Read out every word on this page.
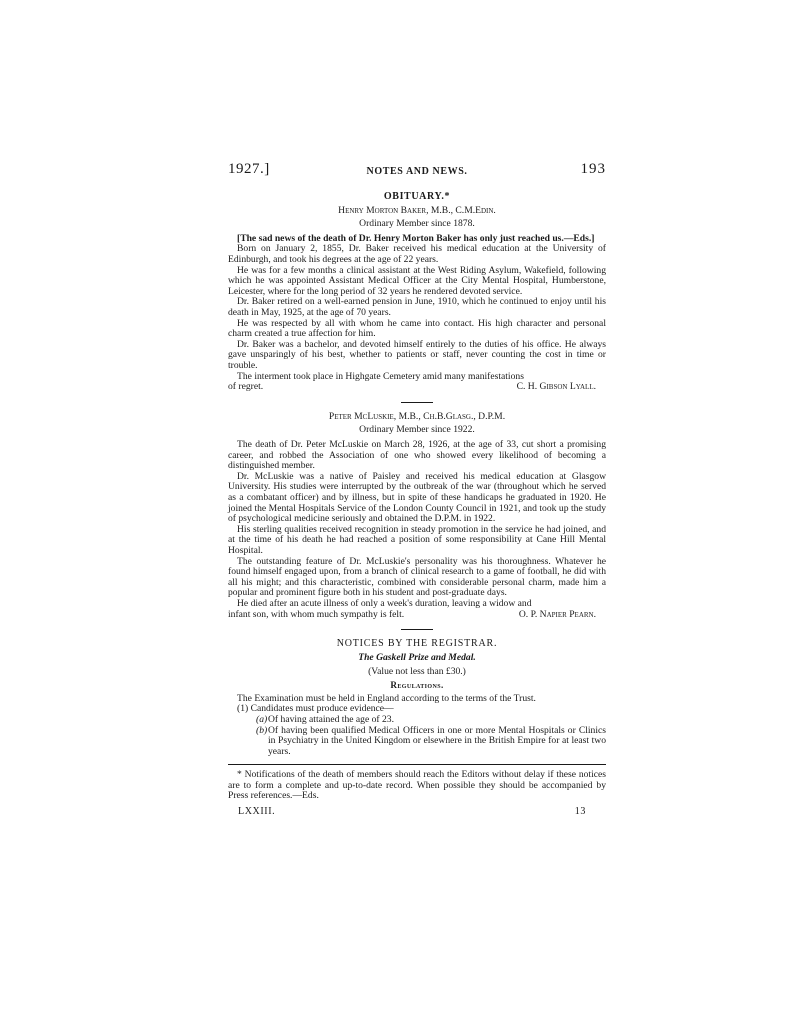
1927.]	NOTES AND NEWS.	193
OBITUARY.*
Henry Morton Baker, M.B., C.M.Edin.
Ordinary Member since 1878.

[The sad news of the death of Dr. Henry Morton Baker has only just reached us.—Eds.]

Born on January 2, 1855, Dr. Baker received his medical education at the University of Edinburgh, and took his degrees at the age of 22 years.

He was for a few months a clinical assistant at the West Riding Asylum, Wakefield, following which he was appointed Assistant Medical Officer at the City Mental Hospital, Humberstone, Leicester, where for the long period of 32 years he rendered devoted service.

Dr. Baker retired on a well-earned pension in June, 1910, which he continued to enjoy until his death in May, 1925, at the age of 70 years.

He was respected by all with whom he came into contact. His high character and personal charm created a true affection for him.

Dr. Baker was a bachelor, and devoted himself entirely to the duties of his office. He always gave unsparingly of his best, whether to patients or staff, never counting the cost in time or trouble.

The interment took place in Highgate Cemetery amid many manifestations

of regret.	C. H. Gibson Lyall.
Peter McLuskie, M.B., Ch.B.Glasg., D.P.M.
Ordinary Member since 1922.

The death of Dr. Peter McLuskie on March 28, 1926, at the age of 33, cut short a promising career, and robbed the Association of one who showed every likelihood of becoming a distinguished member.

Dr. McLuskie was a native of Paisley and received his medical education at Glasgow University. His studies were interrupted by the outbreak of the war (throughout which he served as a combatant officer) and by illness, but in spite of these handicaps he graduated in 1920. He joined the Mental Hospitals Service of the London County Council in 1921, and took up the study of psychological medicine seriously and obtained the D.P.M. in 1922.

His sterling qualities received recognition in steady promotion in the service he had joined, and at the time of his death he had reached a position of some responsibility at Cane Hill Mental Hospital.

The outstanding feature of Dr. McLuskie's personality was his thoroughness. Whatever he found himself engaged upon, from a branch of clinical research to a game of football, he did with all his might; and this characteristic, combined with considerable personal charm, made him a popular and prominent figure both in his student and post-graduate days.

He died after an acute illness of only a week's duration, leaving a widow and

infant son, with whom much sympathy is felt.	O. P. Napier Pearn.
NOTICES BY THE REGISTRAR.
The Gaskell Prize and Medal.
(Value not less than £30.)
Regulations.

The Examination must be held in England according to the terms of the Trust.

(1) Candidates must produce evidence—
(a) Of having attained the age of 23.
(b) Of having been qualified Medical Officers in one or more Mental Hospitals or Clinics in Psychiatry in the United Kingdom or elsewhere in the British Empire for at least two years.

* Notifications of the death of members should reach the Editors without delay if these notices are to form a complete and up-to-date record. When possible they should be accompanied by Press references.—Eds.

LXXIII.	13
